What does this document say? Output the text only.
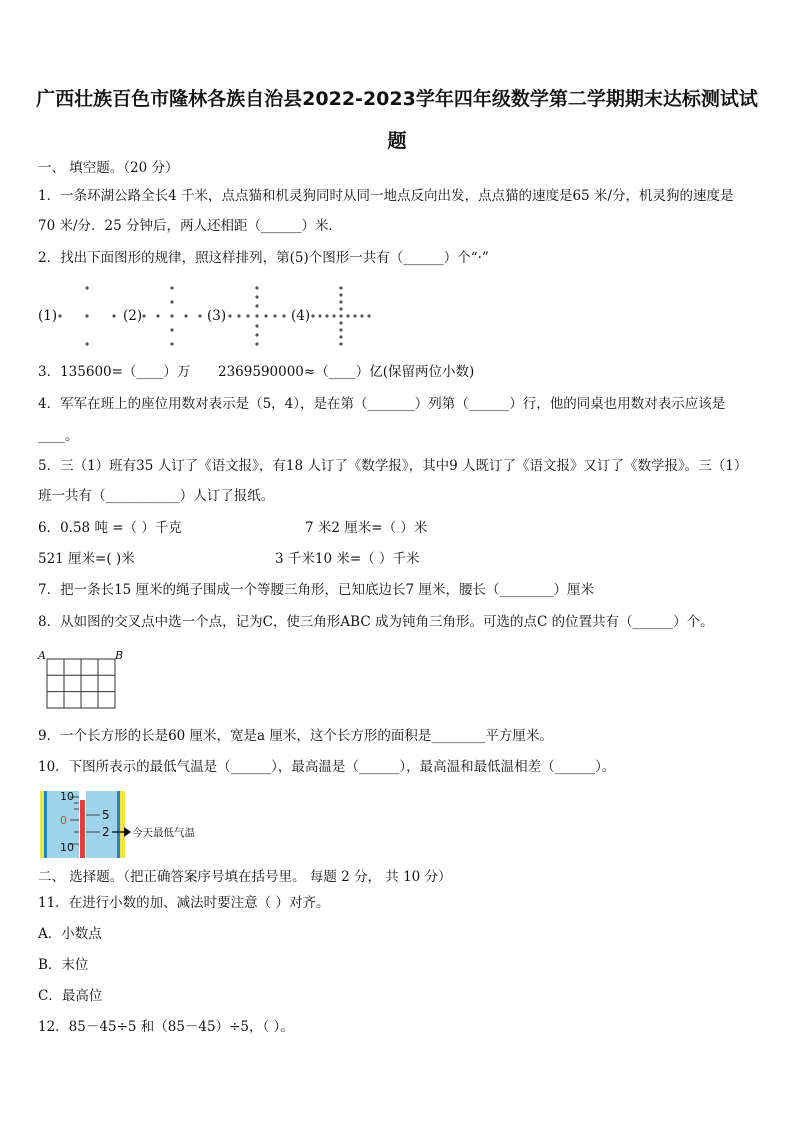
广西壮族百色市隆林各族自治县2022-2023学年四年级数学第二学期期末达标测试试
题
一、 填空题。（20 分）
1．一条环湖公路全长4 千米，点点猫和机灵狗同时从同一地点反向出发，点点猫的速度是65 米/分，机灵狗的速度是
70 米/分．25 分钟后，两人还相距（______）米．
2．找出下面图形的规律，照这样排列，第(5)个图形一共有（______）个“·”
(1)	(2)	(3)	(4)
3．135600=（____）万 2369590000≈（____）亿(保留两位小数)
4．军军在班上的座位用数对表示是（5，4），是在第（_______）列第（______）行，他的同桌也用数对表示应该是
____。
5．三（1）班有35 人订了《语文报》，有18 人订了《数学报》，其中9 人既订了《语文报》又订了《数学报》。三（1）
班一共有（___________）人订了报纸。
6．0.58 吨 =（ ）千克	7 米2 厘米=（ ）米
521 厘米=( )米	3 千米10 米=（ ）千米
7．把一条长15 厘米的绳子围成一个等腰三角形，已知底边长7 厘米，腰长（________）厘米
8．从如图的交叉点中选一个点，记为C，使三角形ABC 成为钝角三角形。可选的点C 的位置共有（______）个。
A	B
9．一个长方形的长是60 厘米，宽是a 厘米，这个长方形的面积是________平方厘米。
10．下图所表示的最低气温是（______），最高温是（______），最高温和最低温相差（______）。
10
0
10
5
2 今天最低气温
二、 选择题。（把正确答案序号填在括号里。 每题 2 分， 共 10 分）
11．在进行小数的加、减法时要注意（ ）对齐。
A．小数点
B．末位
C．最高位
12．85－45÷5 和（85－45）÷5，（ ）。
